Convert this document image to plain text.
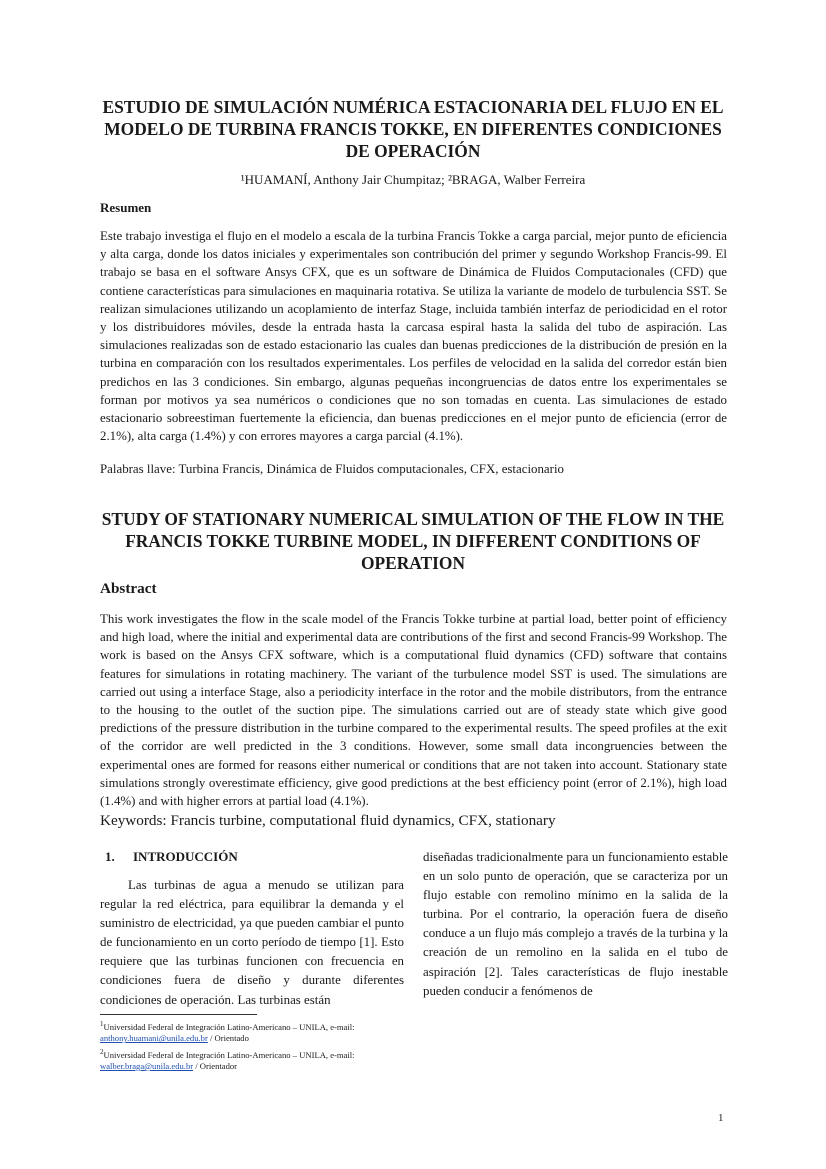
ESTUDIO DE SIMULACIÓN NUMÉRICA ESTACIONARIA DEL FLUJO EN EL MODELO DE TURBINA FRANCIS TOKKE, EN DIFERENTES CONDICIONES DE OPERACIÓN
¹HUAMANÍ, Anthony Jair Chumpitaz; ²BRAGA, Walber Ferreira
Resumen

Este trabajo investiga el flujo en el modelo a escala de la turbina Francis Tokke a carga parcial, mejor punto de eficiencia y alta carga, donde los datos iniciales y experimentales son contribución del primer y segundo Workshop Francis-99. El trabajo se basa en el software Ansys CFX, que es un software de Dinámica de Fluidos Computacionales (CFD) que contiene características para simulaciones en maquinaria rotativa. Se utiliza la variante de modelo de turbulencia SST. Se realizan simulaciones utilizando un acoplamiento de interfaz Stage, incluida también interfaz de periodicidad en el rotor y los distribuidores móviles, desde la entrada hasta la carcasa espiral hasta la salida del tubo de aspiración. Las simulaciones realizadas son de estado estacionario las cuales dan buenas predicciones de la distribución de presión en la turbina en comparación con los resultados experimentales. Los perfiles de velocidad en la salida del corredor están bien predichos en las 3 condiciones. Sin embargo, algunas pequeñas incongruencias de datos entre los experimentales se forman por motivos ya sea numéricos o condiciones que no son tomadas en cuenta. Las simulaciones de estado estacionario sobreestiman fuertemente la eficiencia, dan buenas predicciones en el mejor punto de eficiencia (error de 2.1%), alta carga (1.4%) y con errores mayores a carga parcial (4.1%).

Palabras llave: Turbina Francis, Dinámica de Fluidos computacionales, CFX, estacionario
STUDY OF STATIONARY NUMERICAL SIMULATION OF THE FLOW IN THE FRANCIS TOKKE TURBINE MODEL, IN DIFFERENT CONDITIONS OF OPERATION
Abstract

This work investigates the flow in the scale model of the Francis Tokke turbine at partial load, better point of efficiency and high load, where the initial and experimental data are contributions of the first and second Francis-99 Workshop. The work is based on the Ansys CFX software, which is a computational fluid dynamics (CFD) software that contains features for simulations in rotating machinery. The variant of the turbulence model SST is used. The simulations are carried out using a interface Stage, also a periodicity interface in the rotor and the mobile distributors, from the entrance to the housing to the outlet of the suction pipe. The simulations carried out are of steady state which give good predictions of the pressure distribution in the turbine compared to the experimental results. The speed profiles at the exit of the corridor are well predicted in the 3 conditions. However, some small data incongruencies between the experimental ones are formed for reasons either numerical or conditions that are not taken into account. Stationary state simulations strongly overestimate efficiency, give good predictions at the best efficiency point (error of 2.1%), high load (1.4%) and with higher errors at partial load (4.1%).

Keywords: Francis turbine, computational fluid dynamics, CFX, stationary
1. INTRODUCCIÓN

Las turbinas de agua a menudo se utilizan para regular la red eléctrica, para equilibrar la demanda y el suministro de electricidad, ya que pueden cambiar el punto de funcionamiento en un corto período de tiempo [1]. Esto requiere que las turbinas funcionen con frecuencia en condiciones fuera de diseño y durante diferentes condiciones de operación. Las turbinas están

diseñadas tradicionalmente para un funcionamiento estable en un solo punto de operación, que se caracteriza por un flujo estable con remolino mínimo en la salida de la turbina. Por el contrario, la operación fuera de diseño conduce a un flujo más complejo a través de la turbina y la creación de un remolino en la salida en el tubo de aspiración [2]. Tales características de flujo inestable pueden conducir a fenómenos de

$^1$Universidad Federal de Integración Latino-Americano – UNILA, e-mail:
anthony.huamani@unila.edu.br / Orientado
$^2$Universidad Federal de Integración Latino-Americano – UNILA, e-mail:
walber.braga@unila.edu.br / Orientador
1
